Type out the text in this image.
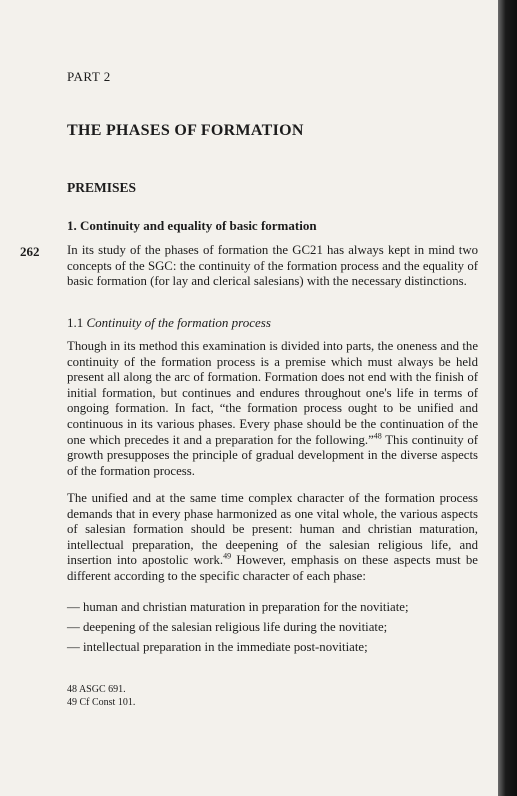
PART 2
THE PHASES OF FORMATION
PREMISES
1. Continuity and equality of basic formation
262 In its study of the phases of formation the GC21 has always kept in mind two concepts of the SGC: the continuity of the formation process and the equality of basic formation (for lay and clerical salesians) with the necessary distinctions.
1.1 Continuity of the formation process
Though in its method this examination is divided into parts, the oneness and the continuity of the formation process is a premise which must always be held present all along the arc of formation. Formation does not end with the finish of initial formation, but continues and endures throughout one's life in terms of ongoing formation. In fact, “the formation process ought to be unified and continuous in its various phases. Every phase should be the continuation of the one which precedes it and a preparation for the following.”$^{48}$ This continuity of growth presupposes the principle of gradual development in the diverse aspects of the formation process.
The unified and at the same time complex character of the formation process demands that in every phase harmonized as one vital whole, the various aspects of salesian formation should be present: human and christian maturation, intellectual preparation, the deepening of the salesian religious life, and insertion into apostolic work.$^{49}$ However, emphasis on these aspects must be different according to the specific character of each phase:
— human and christian maturation in preparation for the novitiate;
— deepening of the salesian religious life during the novitiate;
— intellectual preparation in the immediate post-novitiate;
48 ASGC 691.
49 Cf Const 101.
